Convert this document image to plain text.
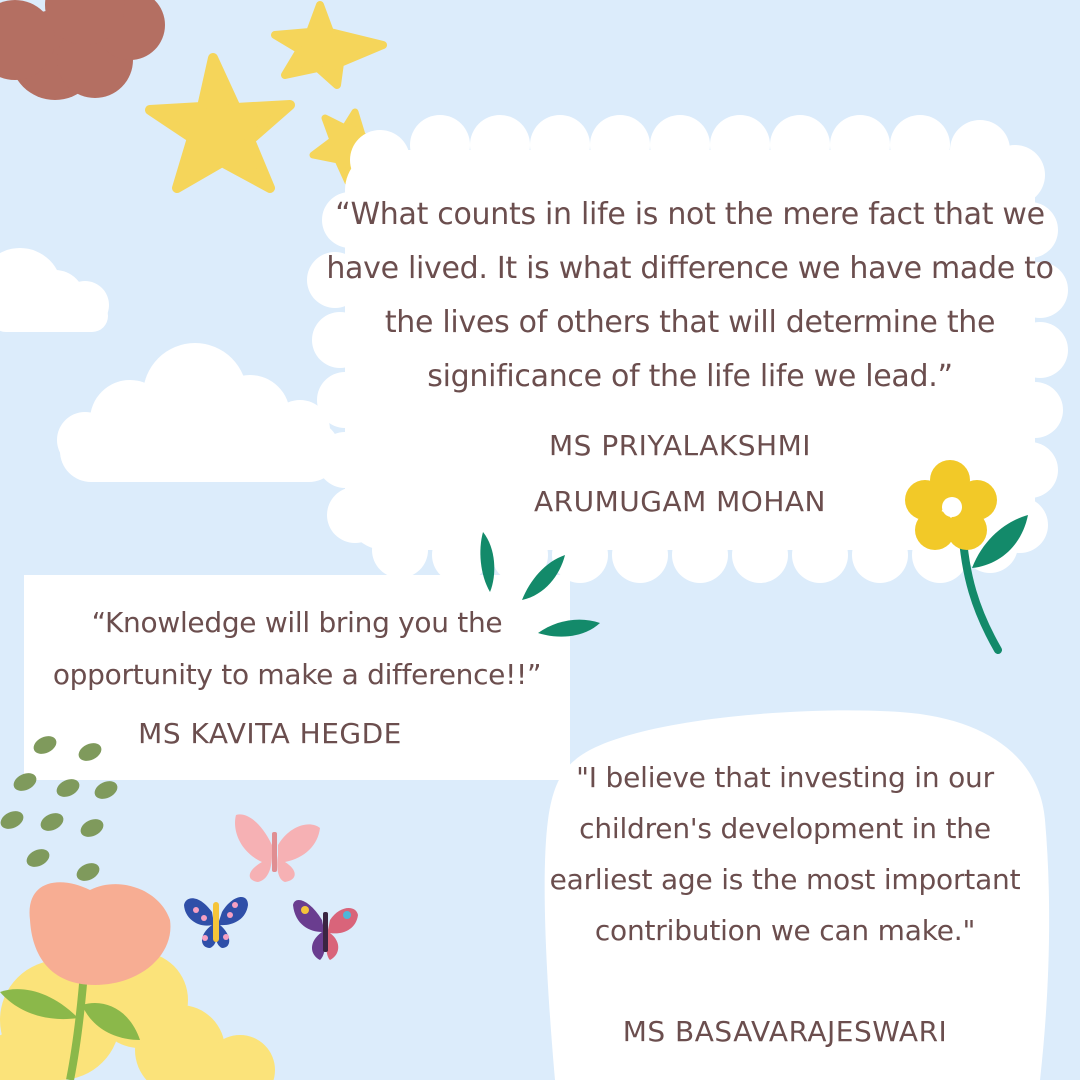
“What counts in life is not the mere fact that we have lived. It is what difference we have made to the lives of others that will determine the significance of the life life we lead.”

MS PRIYALAKSHMI ARUMUGAM MOHAN

“Knowledge will bring you the opportunity to make a difference!!”

MS KAVITA HEGDE

"I believe that investing in our children's development in the earliest age is the most important contribution we can make."

MS BASAVARAJESWARI
